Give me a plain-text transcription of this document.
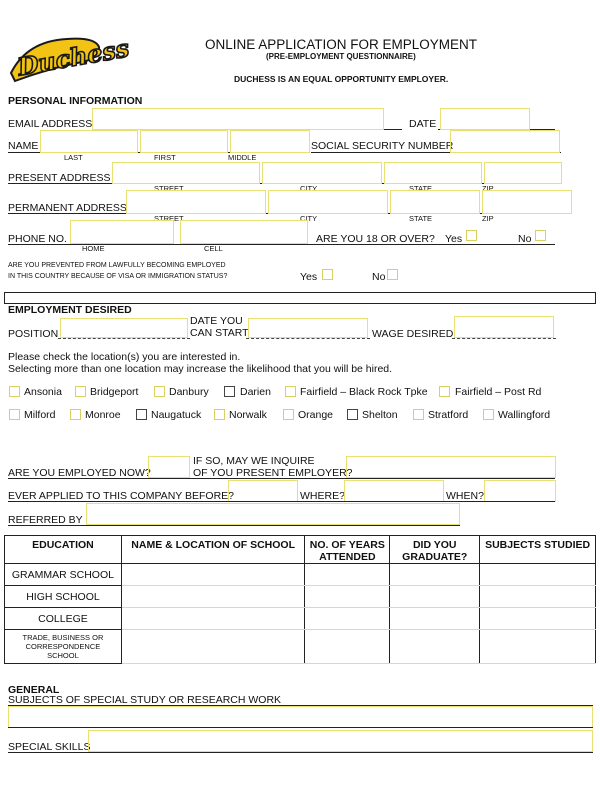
Duchess	ONLINE APPLICATION FOR EMPLOYMENT
(PRE-EMPLOYMENT QUESTIONNAIRE)
DUCHESS IS AN EQUAL OPPORTUNITY EMPLOYER.
PERSONAL INFORMATION
EMAIL ADDRESS	DATE
NAME	SOCIAL SECURITY NUMBER
LAST	FIRST	MIDDLE
PRESENT ADDRESS
STREET	CITY	STATE	ZIP
PERMANENT ADDRESS
STREET	CITY	STATE	ZIP
PHONE NO.
HOME	CELL
ARE YOU 18 OR OVER? Yes	No
ARE YOU PREVENTED FROM LAWFULLY BECOMING EMPLOYED
IN THIS COUNTRY BECAUSE OF VISA OR IMMIGRATION STATUS?	Yes	No
EMPLOYMENT DESIRED
POSITION
DATE YOU
CAN START	WAGE DESIRED
Please check the location(s) you are interested in.
Selecting more than one location may increase the likelihood that you will be hired.
Ansonia	Bridgeport	Danbury	Darien	Fairfield – Black Rock Tpke	Fairfield – Post Rd
Milford	Monroe	Naugatuck	Norwalk	Orange	Shelton	Stratford	Wallingford
IF SO, MAY WE INQUIRE
ARE YOU EMPLOYED NOW?	OF YOU PRESENT EMPLOYER?
EVER APPLIED TO THIS COMPANY BEFORE?	WHERE?	WHEN?
REFERRED BY
EDUCATION	NAME & LOCATION OF SCHOOL	NO. OF YEARS ATTENDED	DID YOU GRADUATE?	SUBJECTS STUDIED
GRAMMAR SCHOOL				
HIGH SCHOOL				
COLLEGE				
TRADE, BUSINESS OR CORRESPONDENCE SCHOOL				
GENERAL
SUBJECTS OF SPECIAL STUDY OR RESEARCH WORK
SPECIAL SKILLS
